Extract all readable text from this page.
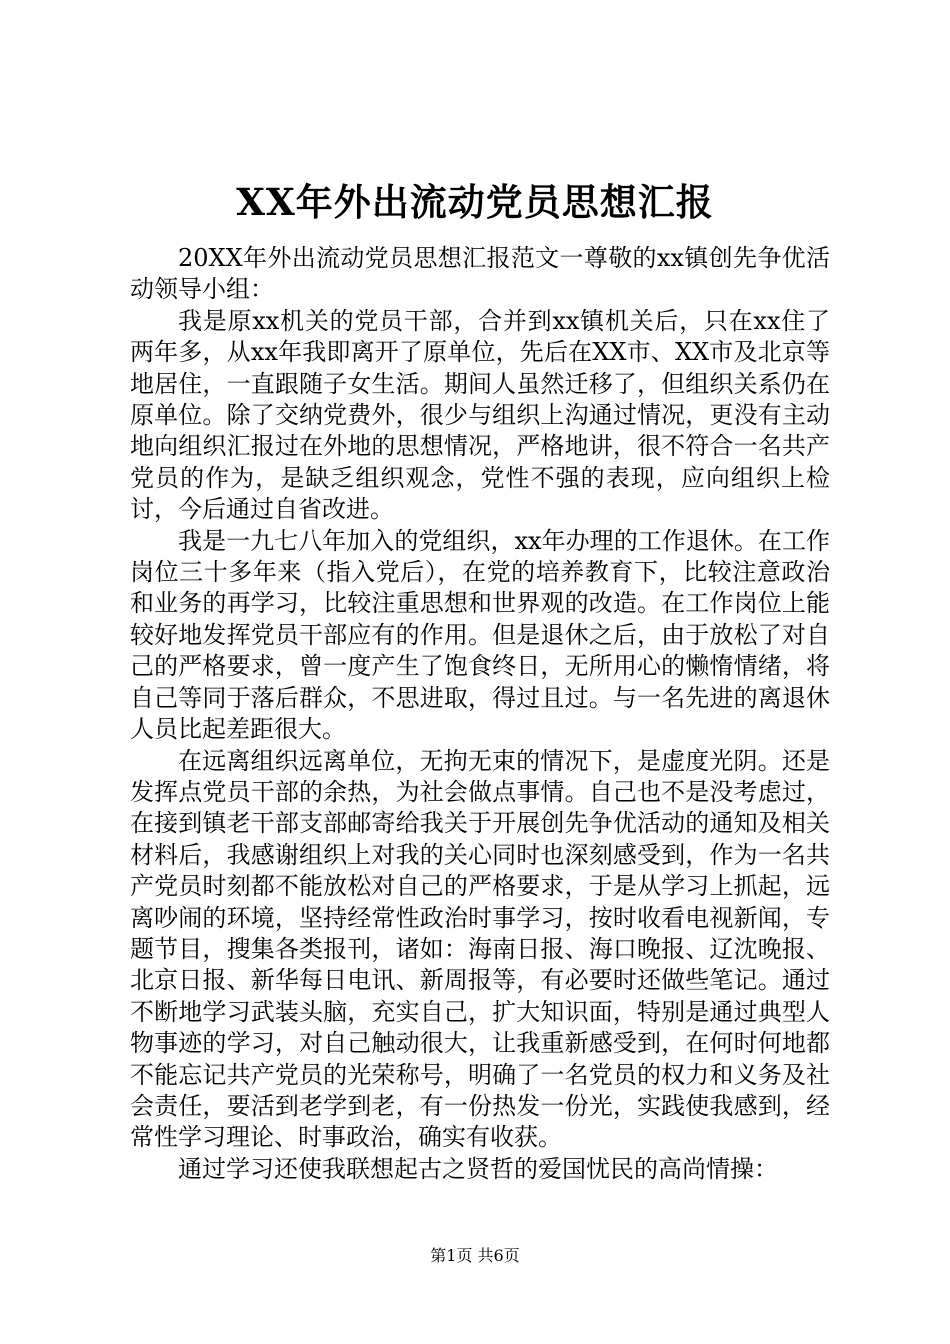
XX年外出流动党员思想汇报

20XX年外出流动党员思想汇报范文一尊敬的xx镇创先争优活动领导小组：

我是原xx机关的党员干部，合并到xx镇机关后，只在xx住了两年多，从xx年我即离开了原单位，先后在XX市、XX市及北京等地居住，一直跟随子女生活。期间人虽然迁移了，但组织关系仍在原单位。除了交纳党费外，很少与组织上沟通过情况，更没有主动地向组织汇报过在外地的思想情况，严格地讲，很不符合一名共产党员的作为，是缺乏组织观念，党性不强的表现，应向组织上检讨，今后通过自省改进。

我是一九七八年加入的党组织，xx年办理的工作退休。在工作岗位三十多年来（指入党后），在党的培养教育下，比较注意政治和业务的再学习，比较注重思想和世界观的改造。在工作岗位上能较好地发挥党员干部应有的作用。但是退休之后，由于放松了对自己的严格要求，曾一度产生了饱食终日，无所用心的懒惰情绪，将自己等同于落后群众，不思进取，得过且过。与一名先进的离退休人员比起差距很大。

在远离组织远离单位，无拘无束的情况下，是虚度光阴。还是发挥点党员干部的余热，为社会做点事情。自己也不是没考虑过，在接到镇老干部支部邮寄给我关于开展创先争优活动的通知及相关材料后，我感谢组织上对我的关心同时也深刻感受到，作为一名共产党员时刻都不能放松对自己的严格要求，于是从学习上抓起，远离吵闹的环境，坚持经常性政治时事学习，按时收看电视新闻，专题节目，搜集各类报刊，诸如：海南日报、海口晚报、辽沈晚报、北京日报、新华每日电讯、新周报等，有必要时还做些笔记。通过不断地学习武装头脑，充实自己，扩大知识面，特别是通过典型人物事迹的学习，对自己触动很大，让我重新感受到，在何时何地都不能忘记共产党员的光荣称号，明确了一名党员的权力和义务及社会责任，要活到老学到老，有一份热发一份光，实践使我感到，经常性学习理论、时事政治，确实有收获。

通过学习还使我联想起古之贤哲的爱国忧民的高尚情操：

第1页 共6页
